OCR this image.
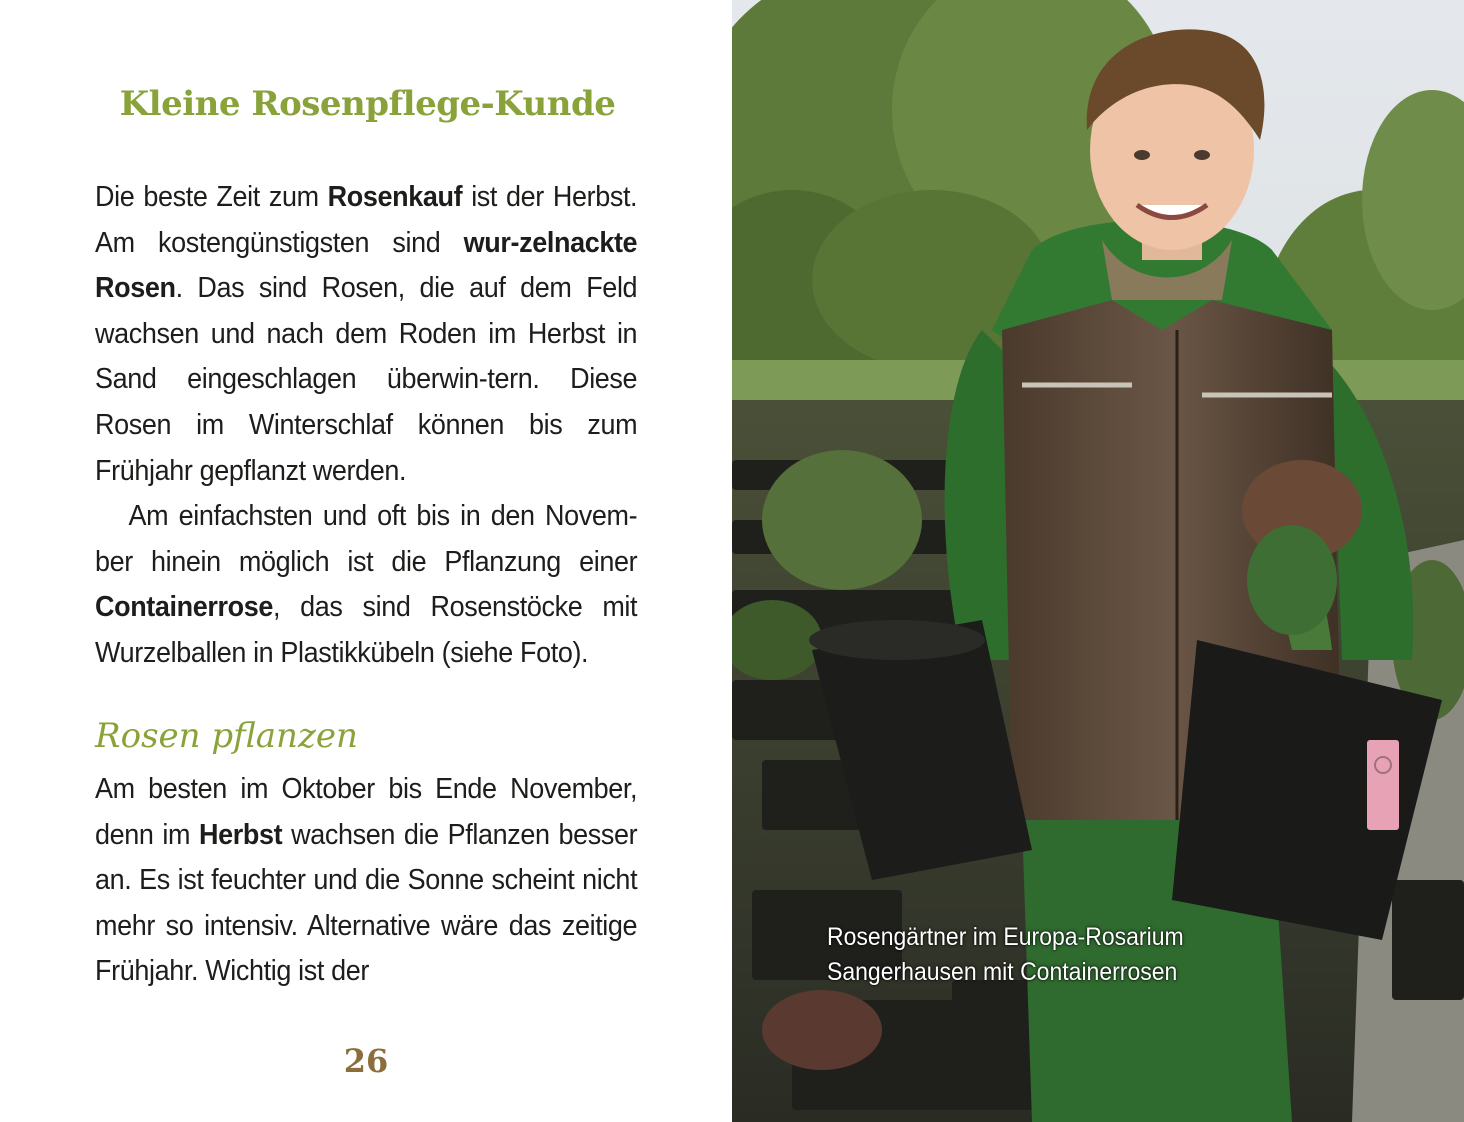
Kleine Rosenpflege-Kunde

Die beste Zeit zum Rosenkauf ist der Herbst. Am kostengünstigsten sind wur-zelnackte Rosen. Das sind Rosen, die auf dem Feld wachsen und nach dem Roden im Herbst in Sand eingeschlagen überwin-tern. Diese Rosen im Winterschlaf können bis zum Frühjahr gepflanzt werden.

Am einfachsten und oft bis in den Novem-ber hinein möglich ist die Pflanzung einer Containerrose, das sind Rosenstöcke mit Wurzelballen in Plastikkübeln (siehe Foto).

Rosen pflanzen

Am besten im Oktober bis Ende November, denn im Herbst wachsen die Pflanzen besser an. Es ist feuchter und die Sonne scheint nicht mehr so intensiv. Alternative wäre das zeitige Frühjahr. Wichtig ist der

26

Rosengärtner im Europa-Rosarium
Sangerhausen mit Containerrosen
